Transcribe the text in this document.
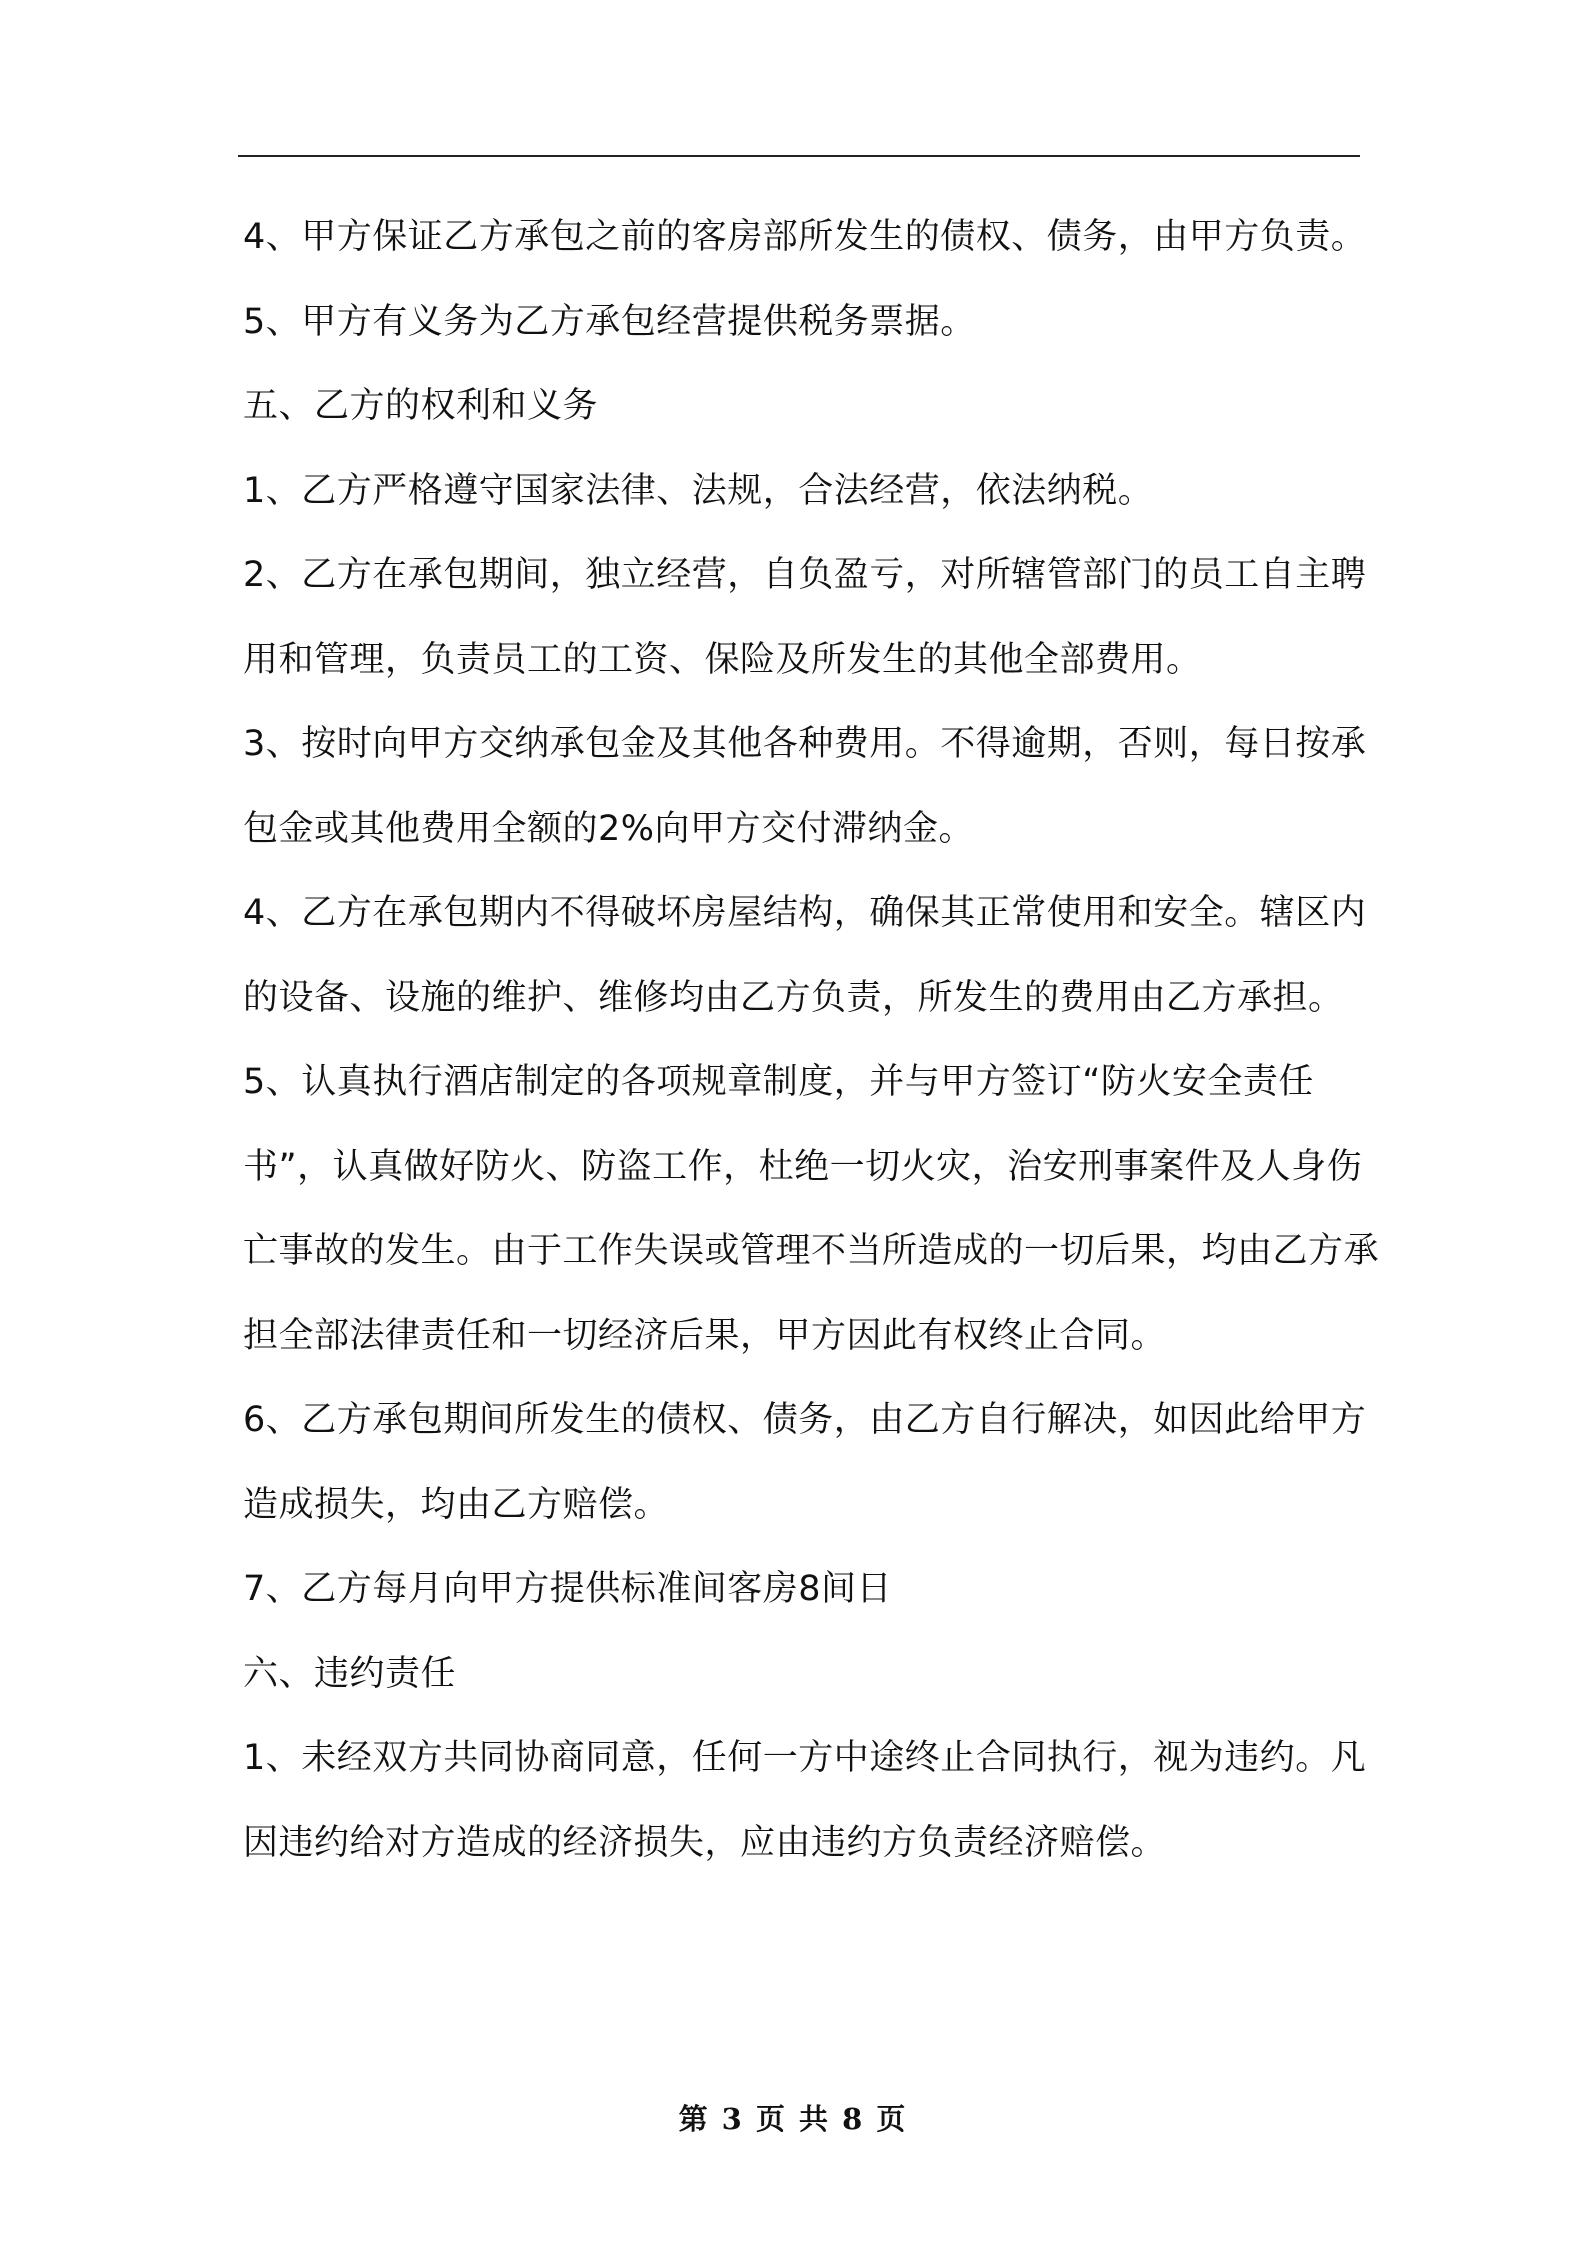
4、甲方保证乙方承包之前的客房部所发生的债权、债务，由甲方负责。

5、甲方有义务为乙方承包经营提供税务票据。

五、乙方的权利和义务

1、乙方严格遵守国家法律、法规，合法经营，依法纳税。

2、乙方在承包期间，独立经营，自负盈亏，对所辖管部门的员工自主聘用和管理，负责员工的工资、保险及所发生的其他全部费用。

3、按时向甲方交纳承包金及其他各种费用。不得逾期，否则，每日按承包金或其他费用全额的2%向甲方交付滞纳金。

4、乙方在承包期内不得破坏房屋结构，确保其正常使用和安全。辖区内的设备、设施的维护、维修均由乙方负责，所发生的费用由乙方承担。

5、认真执行酒店制定的各项规章制度，并与甲方签订“防火安全责任书”，认真做好防火、防盗工作，杜绝一切火灾，治安刑事案件及人身伤亡事故的发生。由于工作失误或管理不当所造成的一切后果，均由乙方承担全部法律责任和一切经济后果，甲方因此有权终止合同。

6、乙方承包期间所发生的债权、债务，由乙方自行解决，如因此给甲方造成损失，均由乙方赔偿。

7、乙方每月向甲方提供标准间客房8间日

六、违约责任

1、未经双方共同协商同意，任何一方中途终止合同执行，视为违约。凡因违约给对方造成的经济损失，应由违约方负责经济赔偿。

第 3 页 共 8 页
